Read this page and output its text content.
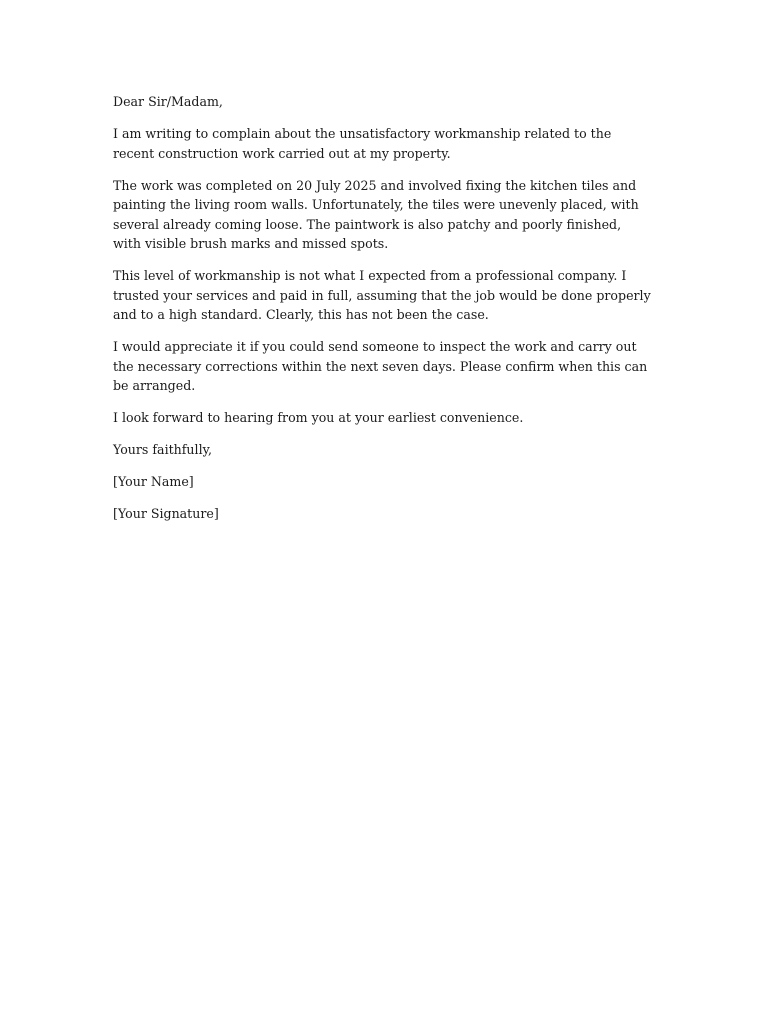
Dear Sir/Madam,

I am writing to complain about the unsatisfactory workmanship related to the recent construction work carried out at my property.

The work was completed on 20 July 2025 and involved fixing the kitchen tiles and painting the living room walls. Unfortunately, the tiles were unevenly placed, with several already coming loose. The paintwork is also patchy and poorly finished, with visible brush marks and missed spots.

This level of workmanship is not what I expected from a professional company. I trusted your services and paid in full, assuming that the job would be done properly and to a high standard. Clearly, this has not been the case.

I would appreciate it if you could send someone to inspect the work and carry out the necessary corrections within the next seven days. Please confirm when this can be arranged.

I look forward to hearing from you at your earliest convenience.

Yours faithfully,

[Your Name]

[Your Signature]
